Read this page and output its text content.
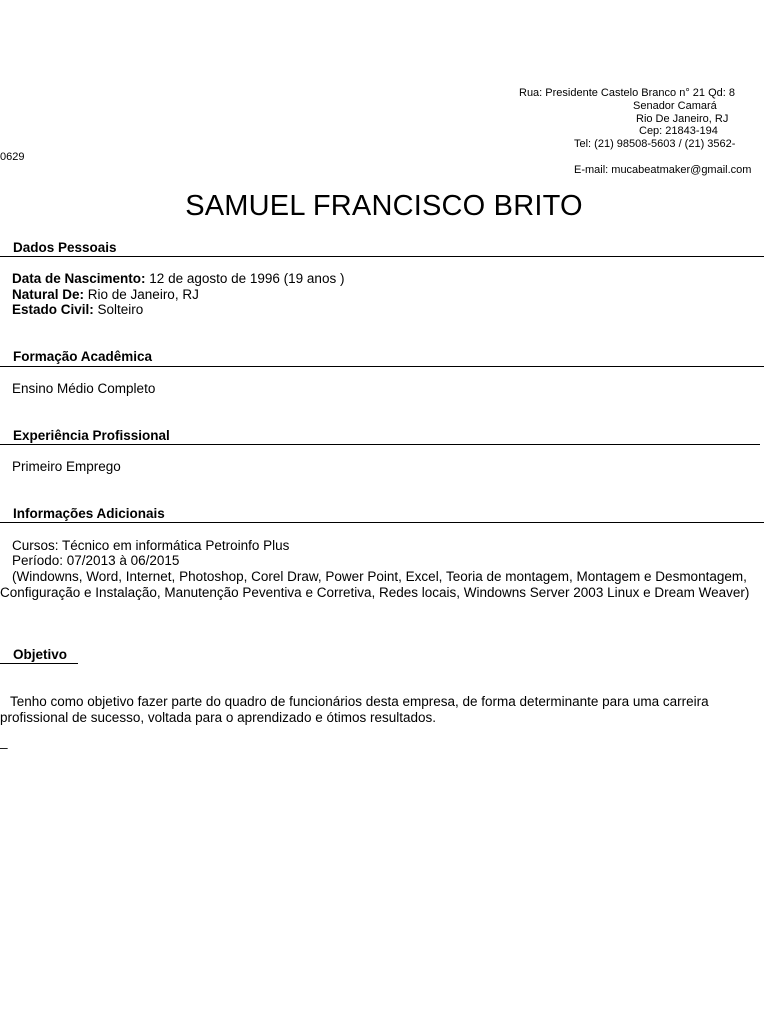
Rua: Presidente Castelo Branco n° 21 Qd: 8
Senador Camará
Rio De Janeiro, RJ
Cep: 21843-194
Tel: (21) 98508-5603 / (21) 3562-
0629
E-mail: mucabeatmaker@gmail.com
SAMUEL FRANCISCO BRITO
Dados Pessoais
Data de Nascimento: 12 de agosto de 1996 (19 anos )
Natural De: Rio de Janeiro, RJ
Estado Civil: Solteiro
Formação Acadêmica	_
Ensino Médio Completo
Experiência Profissional
Primeiro Emprego
Informações Adicionais
Cursos: Técnico em informática Petroinfo Plus
Período: 07/2013 à 06/2015
(Windowns, Word, Internet, Photoshop, Corel Draw, Power Point, Excel, Teoria de montagem, Montagem e Desmontagem, Configuração e Instalação, Manutenção Peventiva e Corretiva, Redes locais, Windowns Server 2003 Linux e Dream Weaver)
Objetivo
Tenho como objetivo fazer parte do quadro de funcionários desta empresa, de forma determinante para uma carreira profissional de sucesso, voltada para o aprendizado e ótimos resultados.
_
